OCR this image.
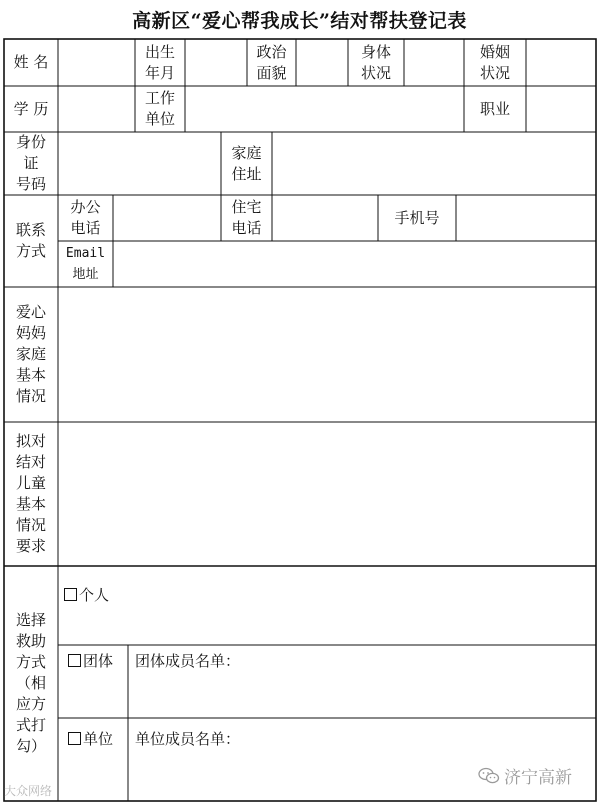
高新区“爱心帮我成长”结对帮扶登记表
姓 名
出生
年月
政治
面貌
身体
状况
婚姻
状况
学 历
工作
单位
职业
身份
证
号码
家庭
住址
联系
方式
办公
电话
住宅
电话
手机号
Email
地址
爱心
妈妈
家庭
基本
情况
拟对
结对
儿童
基本
情况
要求
选择
救助
方式
（相
应方
式打
勾）
个人
团体 团体成员名单：
单位 单位成员名单：
大众网络
济宁高新
